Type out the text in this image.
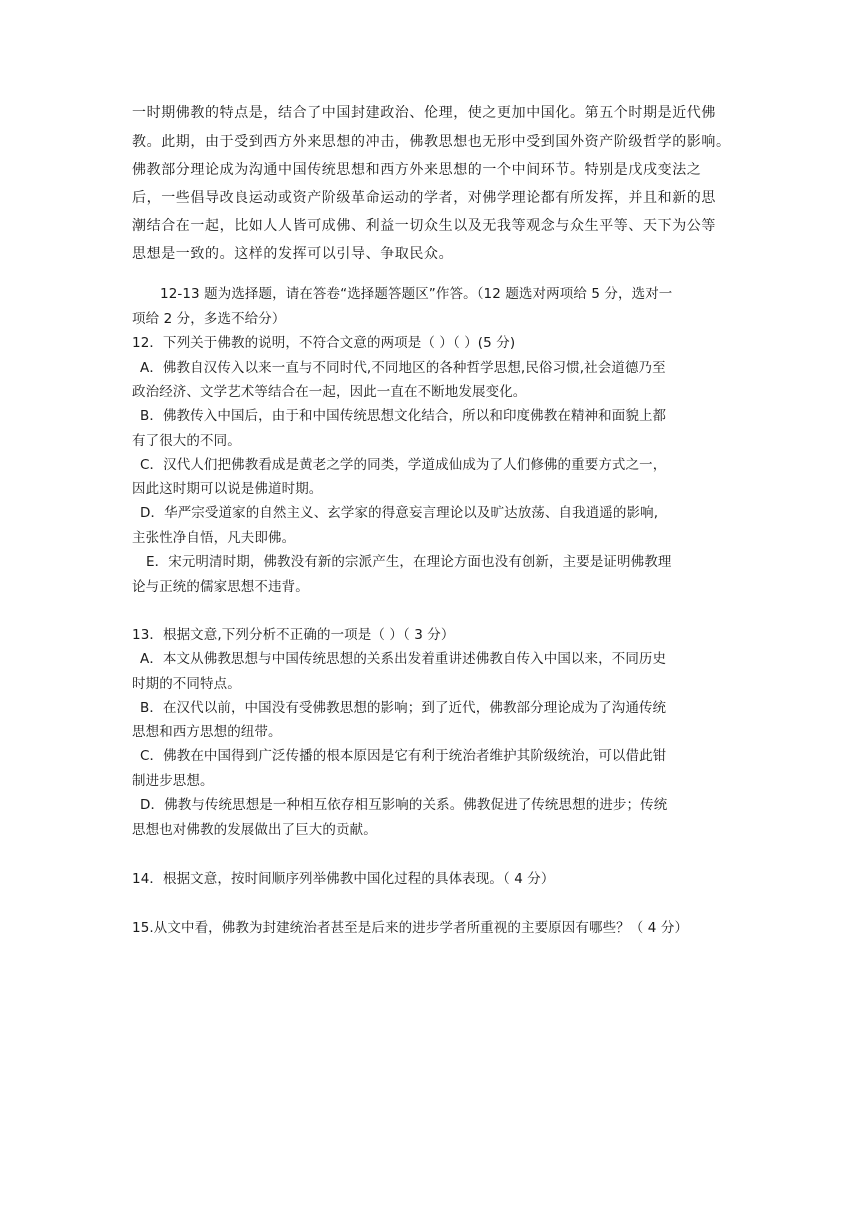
一时期佛教的特点是，结合了中国封建政治、伦理，使之更加中国化。第五个时期是近代佛
教。此期，由于受到西方外来思想的冲击，佛教思想也无形中受到国外资产阶级哲学的影响。
佛教部分理论成为沟通中国传统思想和西方外来思想的一个中间环节。特别是戊戌变法之
后，一些倡导改良运动或资产阶级革命运动的学者，对佛学理论都有所发挥，并且和新的思
潮结合在一起，比如人人皆可成佛、利益一切众生以及无我等观念与众生平等、天下为公等
思想是一致的。这样的发挥可以引导、争取民众。
12-13 题为选择题，请在答卷“选择题答题区”作答。（12 题选对两项给 5 分，选对一
项给 2 分，多选不给分）
12．下列关于佛教的说明，不符合文意的两项是（ ）（ ）(5 分)
A．佛教自汉传入以来一直与不同时代,不同地区的各种哲学思想,民俗习惯,社会道德乃至
政治经济、文学艺术等结合在一起，因此一直在不断地发展变化。
B．佛教传入中国后，由于和中国传统思想文化结合，所以和印度佛教在精神和面貌上都
有了很大的不同。
C．汉代人们把佛教看成是黄老之学的同类，学道成仙成为了人们修佛的重要方式之一，
因此这时期可以说是佛道时期。
D．华严宗受道家的自然主义、玄学家的得意妄言理论以及旷达放荡、自我逍遥的影响,
主张性净自悟，凡夫即佛。
E．宋元明清时期，佛教没有新的宗派产生，在理论方面也没有创新，主要是证明佛教理
论与正统的儒家思想不违背。
13．根据文意,下列分析不正确的一项是（ ）（ 3 分）
A．本文从佛教思想与中国传统思想的关系出发着重讲述佛教自传入中国以来，不同历史
时期的不同特点。
B．在汉代以前，中国没有受佛教思想的影响；到了近代，佛教部分理论成为了沟通传统
思想和西方思想的纽带。
C．佛教在中国得到广泛传播的根本原因是它有利于统治者维护其阶级统治，可以借此钳
制进步思想。
D．佛教与传统思想是一种相互依存相互影响的关系。佛教促进了传统思想的进步；传统
思想也对佛教的发展做出了巨大的贡献。
14．根据文意，按时间顺序列举佛教中国化过程的具体表现。（ 4 分）
15.从文中看，佛教为封建统治者甚至是后来的进步学者所重视的主要原因有哪些？（ 4 分）
